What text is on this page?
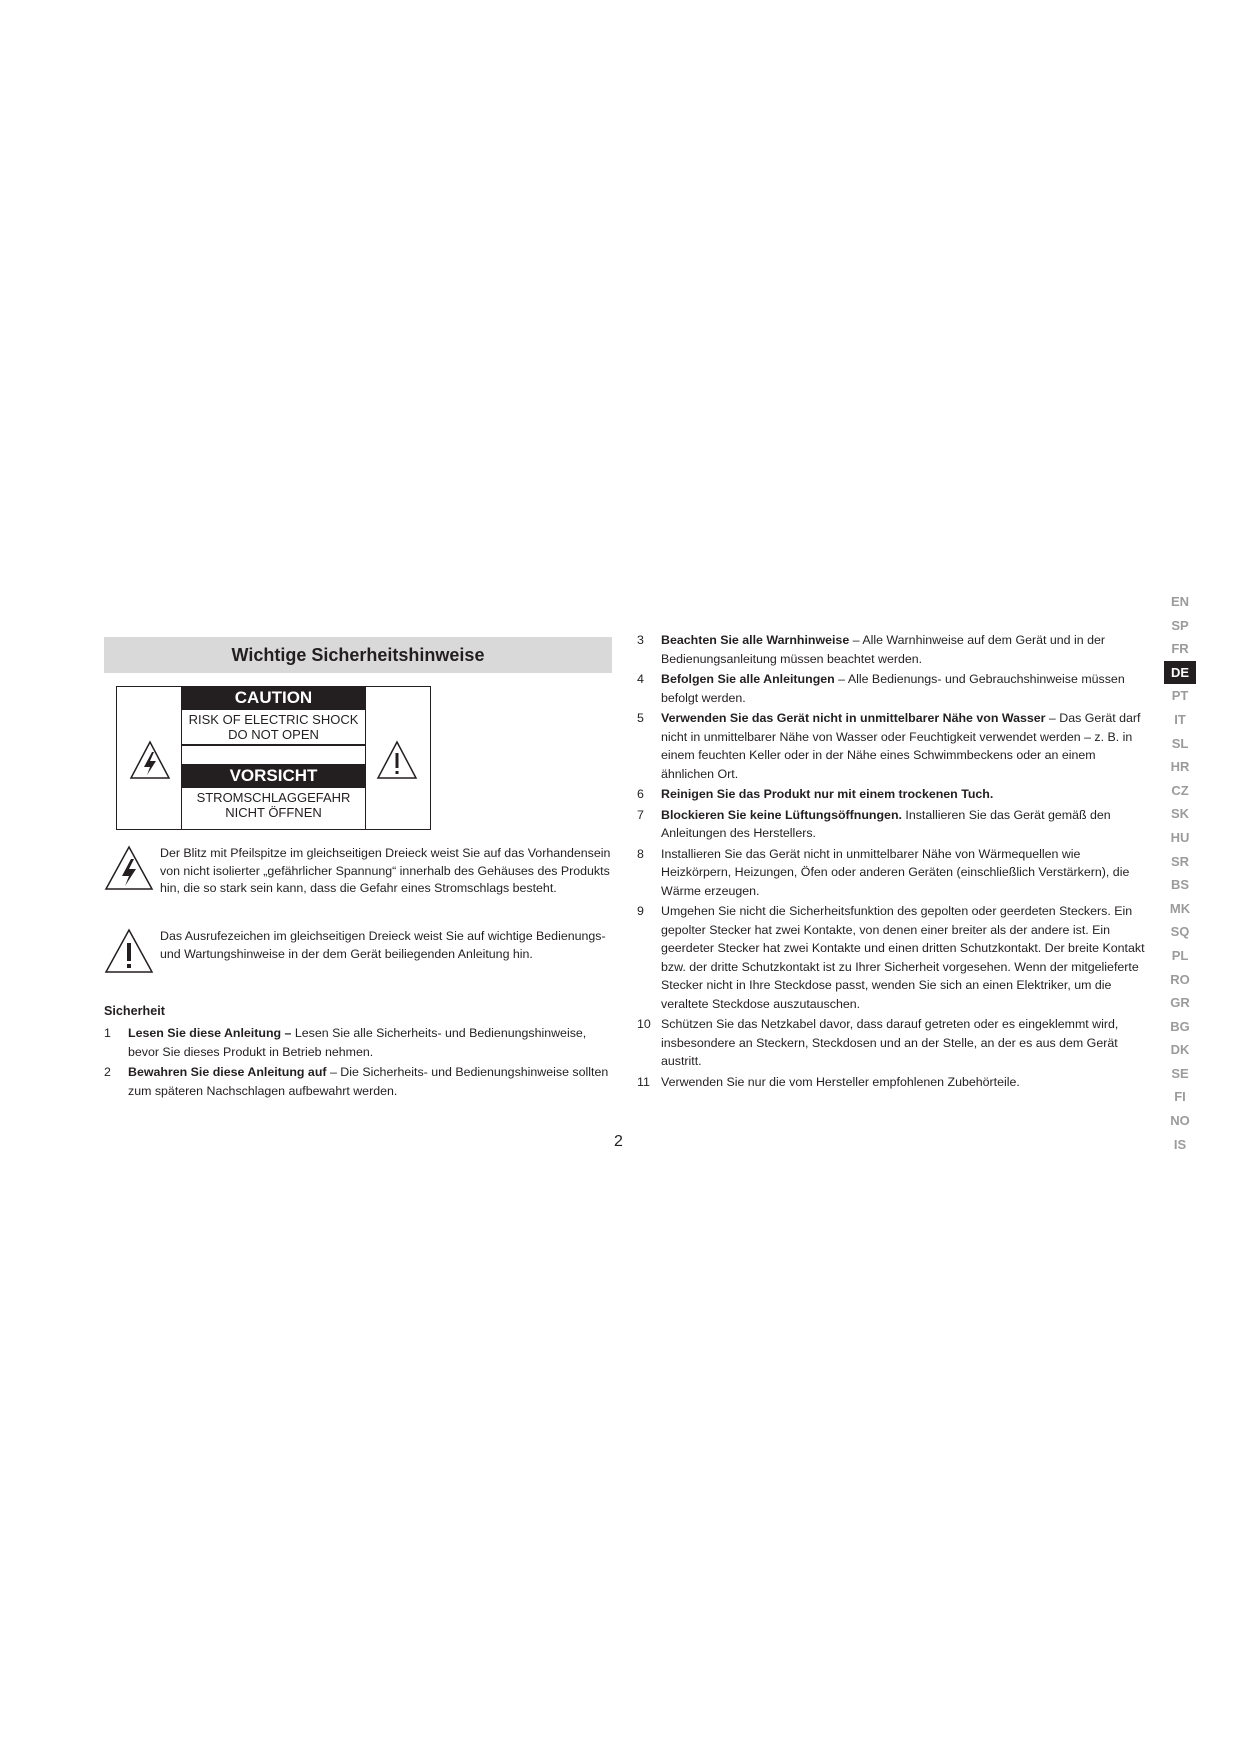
Wichtige Sicherheitshinweise
CAUTION
RISK OF ELECTRIC SHOCK
DO NOT OPEN
VORSICHT
STROMSCHLAGGEFAHR
NICHT ÖFFNEN
Der Blitz mit Pfeilspitze im gleichseitigen Dreieck weist Sie auf das Vorhandensein von nicht isolierter „gefährlicher Spannung“ innerhalb des Gehäuses des Produkts hin, die so stark sein kann, dass die Gefahr eines Stromschlags besteht.
Das Ausrufezeichen im gleichseitigen Dreieck weist Sie auf wichtige Bedienungs- und Wartungshinweise in der dem Gerät beiliegenden Anleitung hin.
Sicherheit
1 Lesen Sie diese Anleitung – Lesen Sie alle Sicherheits- und Bedienungshinweise, bevor Sie dieses Produkt in Betrieb nehmen.
2 Bewahren Sie diese Anleitung auf – Die Sicherheits- und Bedienungshinweise sollten zum späteren Nachschlagen aufbewahrt werden.
3 Beachten Sie alle Warnhinweise – Alle Warnhinweise auf dem Gerät und in der Bedienungsanleitung müssen beachtet werden.
4 Befolgen Sie alle Anleitungen – Alle Bedienungs- und Gebrauchshinweise müssen befolgt werden.
5 Verwenden Sie das Gerät nicht in unmittelbarer Nähe von Wasser – Das Gerät darf nicht in unmittelbarer Nähe von Wasser oder Feuchtigkeit verwendet werden – z. B. in einem feuchten Keller oder in der Nähe eines Schwimmbeckens oder an einem ähnlichen Ort.
6 Reinigen Sie das Produkt nur mit einem trockenen Tuch.
7 Blockieren Sie keine Lüftungsöffnungen. Installieren Sie das Gerät gemäß den Anleitungen des Herstellers.
8 Installieren Sie das Gerät nicht in unmittelbarer Nähe von Wärmequellen wie Heizkörpern, Heizungen, Öfen oder anderen Geräten (einschließlich Verstärkern), die Wärme erzeugen.
9 Umgehen Sie nicht die Sicherheitsfunktion des gepolten oder geerdeten Steckers. Ein gepolter Stecker hat zwei Kontakte, von denen einer breiter als der andere ist. Ein geerdeter Stecker hat zwei Kontakte und einen dritten Schutzkontakt. Der breite Kontakt bzw. der dritte Schutzkontakt ist zu Ihrer Sicherheit vorgesehen. Wenn der mitgelieferte Stecker nicht in Ihre Steckdose passt, wenden Sie sich an einen Elektriker, um die veraltete Steckdose auszutauschen.
10 Schützen Sie das Netzkabel davor, dass darauf getreten oder es eingeklemmt wird, insbesondere an Steckern, Steckdosen und an der Stelle, an der es aus dem Gerät austritt.
11 Verwenden Sie nur die vom Hersteller empfohlenen Zubehörteile.
2
EN
SP
FR
DE
PT
IT
SL
HR
CZ
SK
HU
SR
BS
MK
SQ
PL
RO
GR
BG
DK
SE
FI
NO
IS
